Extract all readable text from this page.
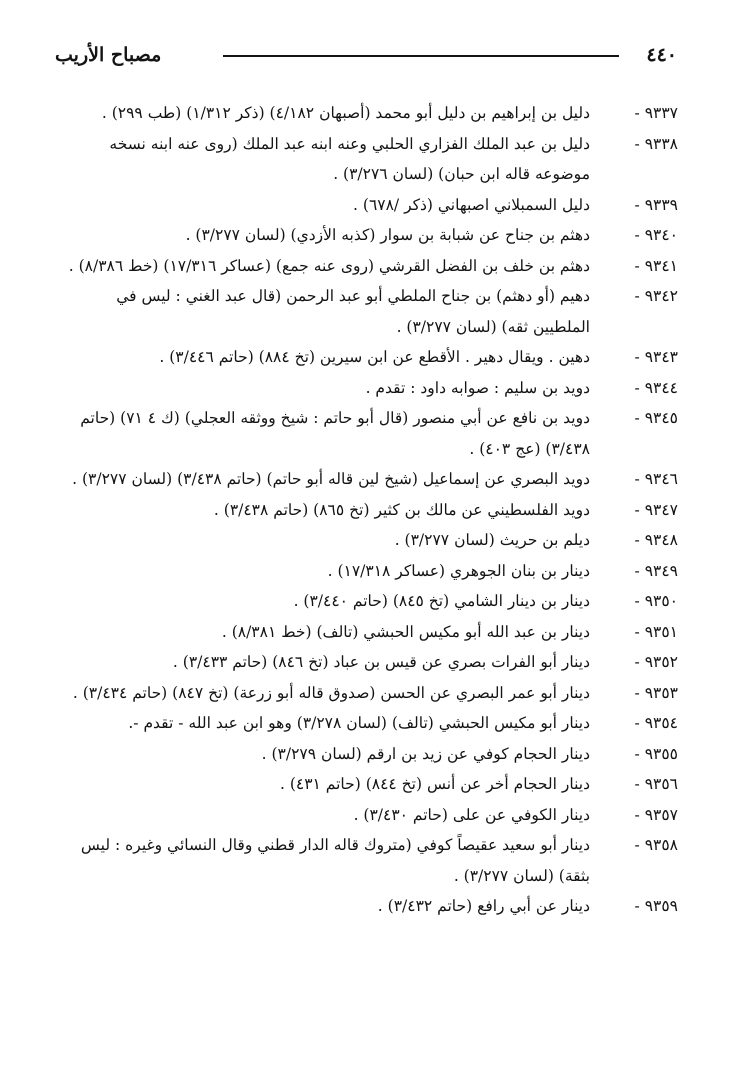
٤٤٠
مصباح الأريب

٩٣٣٧ -
دليل بن إبراهيم بن دليل أبو محمد (أصبهان ٤/١٨٢) (ذكر ١/٣١٢) (طب ٢٩٩) .

٩٣٣٨ -
دليل بن عبد الملك الفزاري الحلبي وعنه ابنه عبد الملك (روى عنه ابنه نسخه موضوعه قاله ابن حبان) (لسان ٣/٢٧٦) .

٩٣٣٩ -
دليل السمبلاني اصبهاني (ذكر /٦٧٨) .

٩٣٤٠ -
دهثم بن جناح عن شبابة بن سوار (كذبه الأزدي) (لسان ٣/٢٧٧) .

٩٣٤١ -
دهثم بن خلف بن الفضل القرشي (روى عنه جمع) (عساكر ١٧/٣١٦) (خط ٨/٣٨٦) .

٩٣٤٢ -
دهيم (أو دهثم) بن جناح الملطي أبو عبد الرحمن (قال عبد الغني : ليس في الملطيين ثقه) (لسان ٣/٢٧٧) .

٩٣٤٣ -
دهين . ويقال دهير . الأقطع عن ابن سيرين (تخ ٨٨٤) (حاتم ٣/٤٤٦) .

٩٣٤٤ -
دويد بن سليم : صوابه داود : تقدم .

٩٣٤٥ -
دويد بن نافع عن أبي منصور (قال أبو حاتم : شيخ ووثقه العجلي) (ك ٤ ٧١) (حاتم ٣/٤٣٨) (عج ٤٠٣) .

٩٣٤٦ -
دويد البصري عن إسماعيل (شيخ لين قاله أبو حاتم) (حاتم ٣/٤٣٨) (لسان ٣/٢٧٧) .

٩٣٤٧ -
دويد الفلسطيني عن مالك بن كثير (تخ ٨٦٥) (حاتم ٣/٤٣٨) .

٩٣٤٨ -
ديلم بن حريث (لسان ٣/٢٧٧) .

٩٣٤٩ -
دينار بن بنان الجوهري (عساكر ١٧/٣١٨) .

٩٣٥٠ -
دينار بن دينار الشامي (تخ ٨٤٥) (حاتم ٣/٤٤٠) .

٩٣٥١ -
دينار بن عبد الله أبو مكيس الحبشي (تالف) (خط ٨/٣٨١) .

٩٣٥٢ -
دينار أبو الفرات بصري عن قيس بن عباد (تخ ٨٤٦) (حاتم ٣/٤٣٣) .

٩٣٥٣ -
دينار أبو عمر البصري عن الحسن (صدوق قاله أبو زرعة) (تخ ٨٤٧) (حاتم ٣/٤٣٤) .

٩٣٥٤ -
دينار أبو مكيس الحبشي (تالف) (لسان ٣/٢٧٨) وهو ابن عبد الله - تقدم -.

٩٣٥٥ -
دينار الحجام كوفي عن زيد بن ارقم (لسان ٣/٢٧٩) .

٩٣٥٦ -
دينار الحجام أخر عن أنس (تخ ٨٤٤) (حاتم ٤٣١) .

٩٣٥٧ -
دينار الكوفي عن على (حاتم ٣/٤٣٠) .

٩٣٥٨ -
دينار أبو سعيد عقيصاً كوفي (متروك قاله الدار قطني وقال النسائي وغيره : ليس بثقة) (لسان ٣/٢٧٧) .

٩٣٥٩ -
دينار عن أبي رافع (حاتم ٣/٤٣٢) .
